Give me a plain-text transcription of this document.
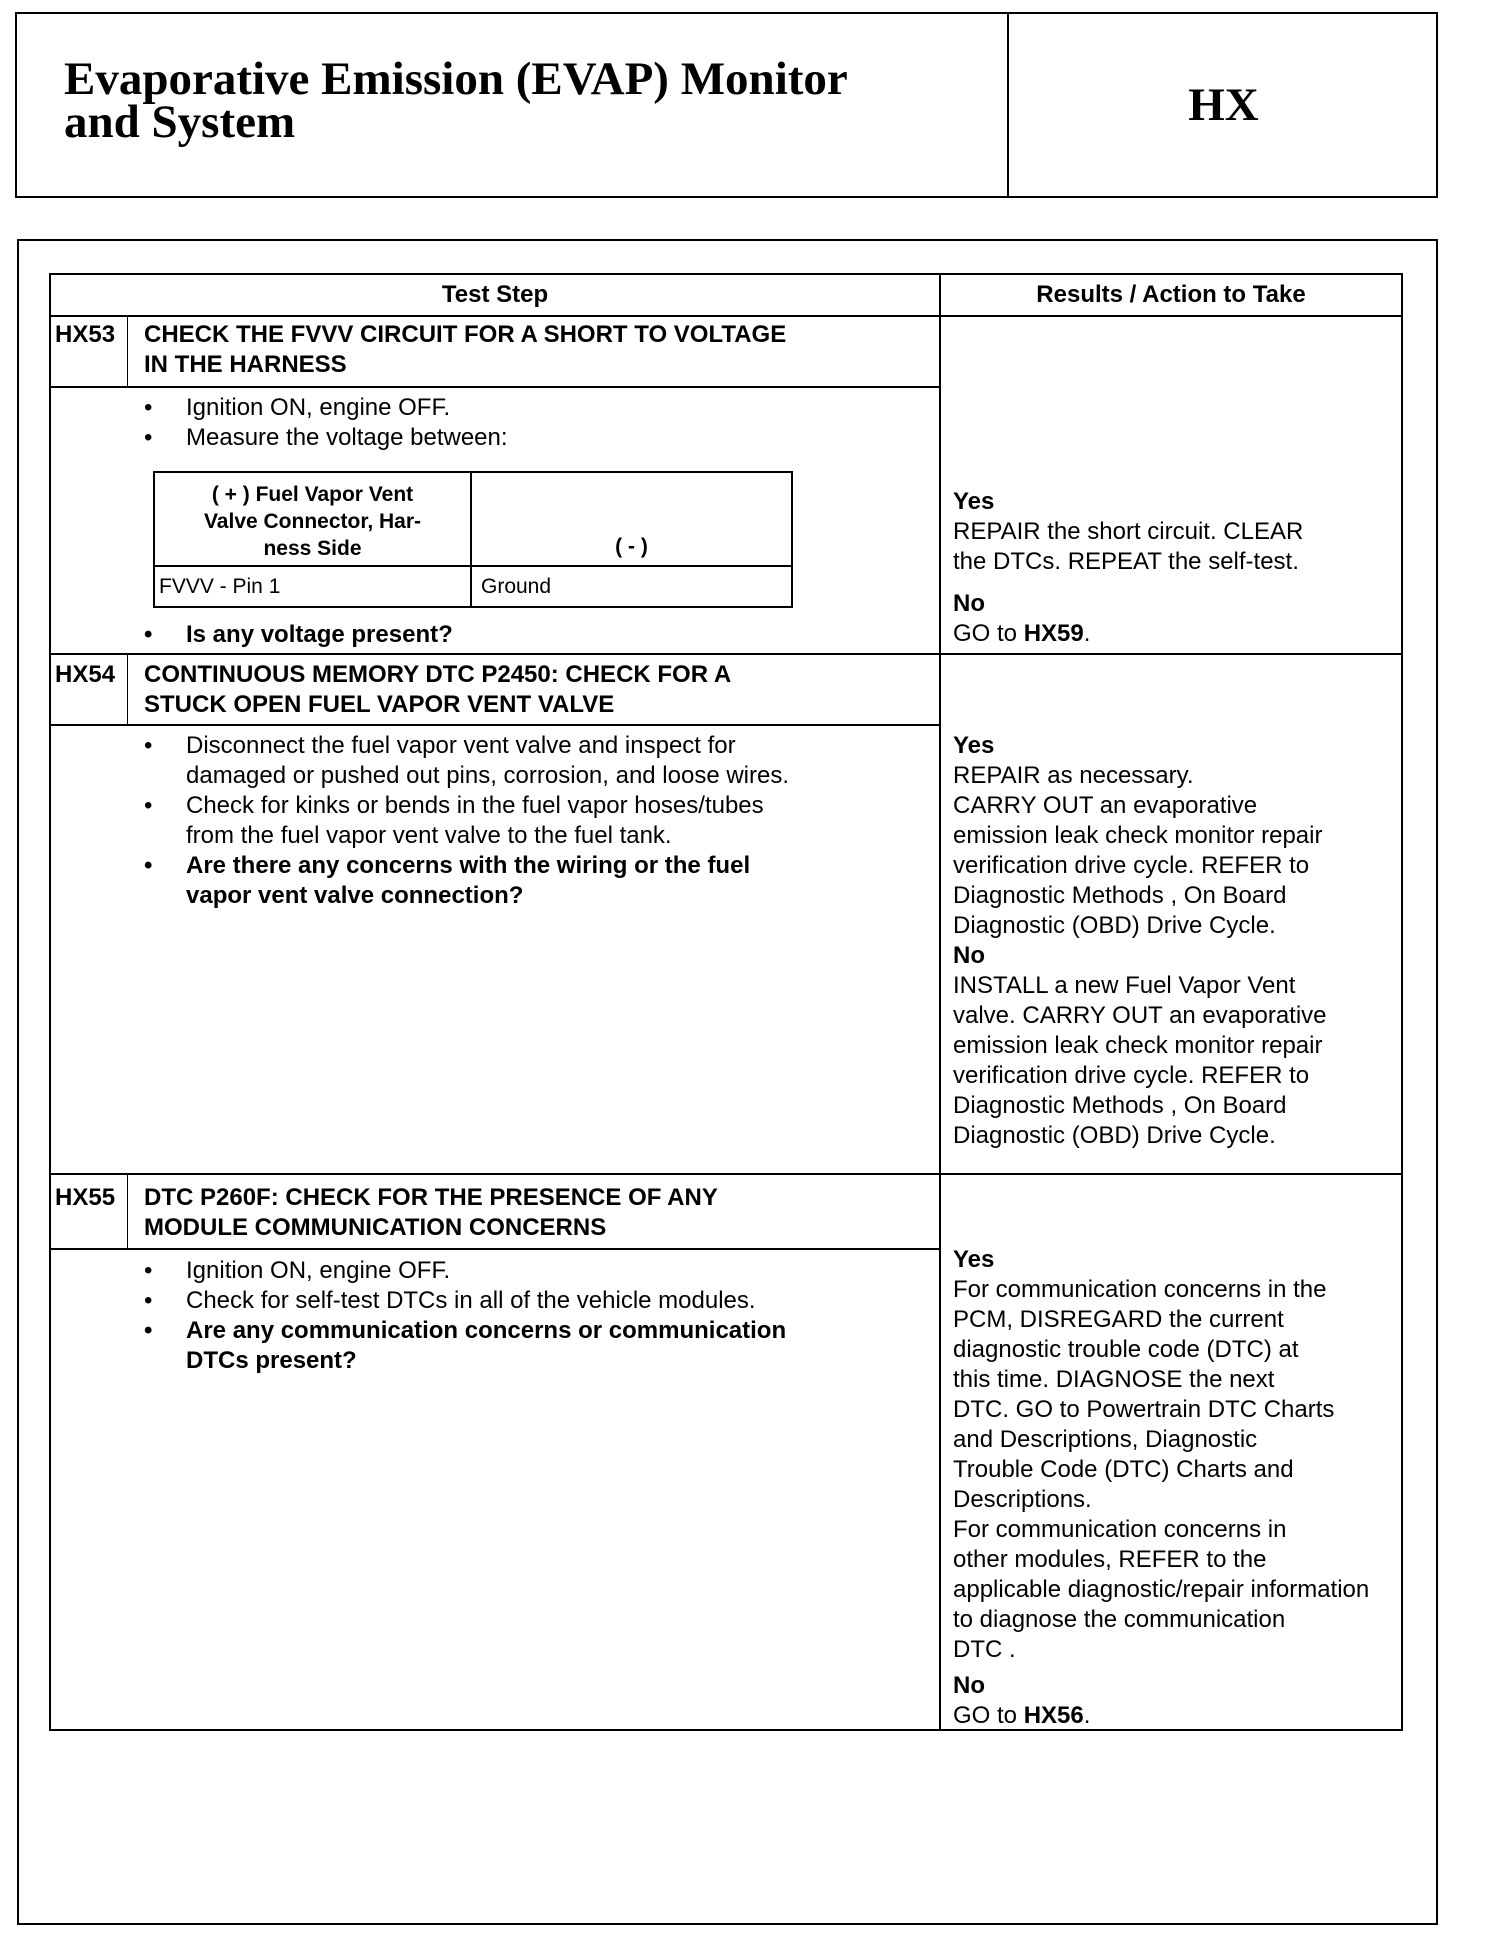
Evaporative Emission (EVAP) Monitor
and System	HX
Test Step	Results / Action to Take
HX53 CHECK THE FVVV CIRCUIT FOR A SHORT TO VOLTAGE
IN THE HARNESS
• Ignition ON, engine OFF.
• Measure the voltage between:
( + ) Fuel Vapor Vent
Valve Connector, Har-
ness Side	( - )
FVVV - Pin 1	Ground
• Is any voltage present?
Yes
REPAIR the short circuit. CLEAR
the DTCs. REPEAT the self-test.
No
GO to HX59.
HX54 CONTINUOUS MEMORY DTC P2450: CHECK FOR A
STUCK OPEN FUEL VAPOR VENT VALVE
• Disconnect the fuel vapor vent valve and inspect for
damaged or pushed out pins, corrosion, and loose wires.
• Check for kinks or bends in the fuel vapor hoses/tubes
from the fuel vapor vent valve to the fuel tank.
• Are there any concerns with the wiring or the fuel
vapor vent valve connection?
Yes
REPAIR as necessary.
CARRY OUT an evaporative
emission leak check monitor repair
verification drive cycle. REFER to
Diagnostic Methods , On Board
Diagnostic (OBD) Drive Cycle.
No
INSTALL a new Fuel Vapor Vent
valve. CARRY OUT an evaporative
emission leak check monitor repair
verification drive cycle. REFER to
Diagnostic Methods , On Board
Diagnostic (OBD) Drive Cycle.
HX55 DTC P260F: CHECK FOR THE PRESENCE OF ANY
MODULE COMMUNICATION CONCERNS
• Ignition ON, engine OFF.
• Check for self-test DTCs in all of the vehicle modules.
• Are any communication concerns or communication
DTCs present?
Yes
For communication concerns in the
PCM, DISREGARD the current
diagnostic trouble code (DTC) at
this time. DIAGNOSE the next
DTC. GO to Powertrain DTC Charts
and Descriptions, Diagnostic
Trouble Code (DTC) Charts and
Descriptions.
For communication concerns in
other modules, REFER to the
applicable diagnostic/repair information
to diagnose the communication
DTC .
No
GO to HX56.
